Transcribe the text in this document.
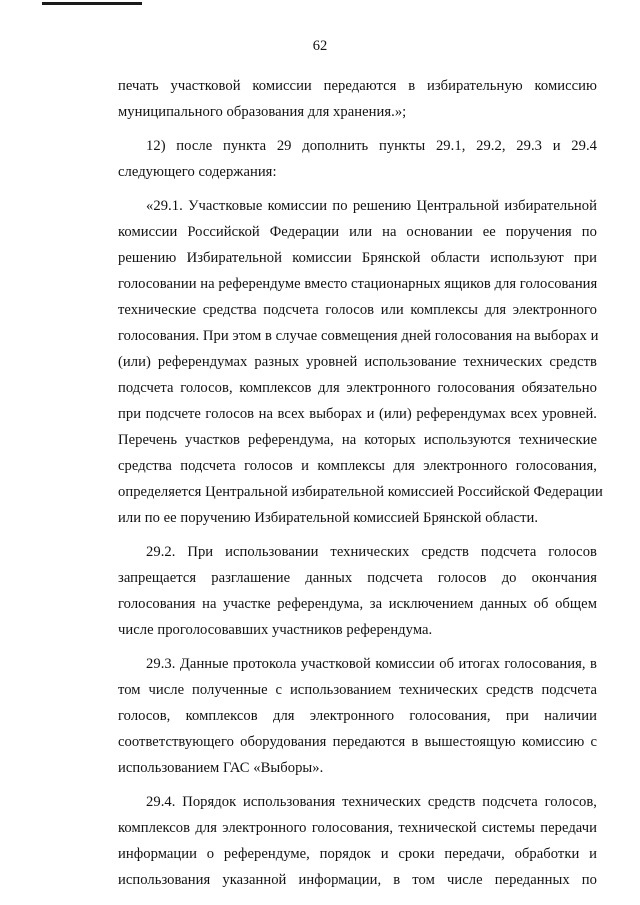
62
печать участковой комиссии передаются в избирательную комиссию
муниципального образования для хранения.»;
12) после пункта 29 дополнить пункты 29.1, 29.2, 29.3 и 29.4
следующего содержания:
«29.1. Участковые комиссии по решению Центральной избирательной
комиссии Российской Федерации или на основании ее поручения по
решению Избирательной комиссии Брянской области используют при
голосовании на референдуме вместо стационарных ящиков для голосования
технические средства подсчета голосов или комплексы для электронного
голосования. При этом в случае совмещения дней голосования на выборах и
(или) референдумах разных уровней использование технических средств
подсчета голосов, комплексов для электронного голосования обязательно
при подсчете голосов на всех выборах и (или) референдумах всех уровней.
Перечень участков референдума, на которых используются технические
средства подсчета голосов и комплексы для электронного голосования,
определяется Центральной избирательной комиссией Российской Федерации
или по ее поручению Избирательной комиссией Брянской области.
29.2. При использовании технических средств подсчета голосов
запрещается разглашение данных подсчета голосов до окончания
голосования на участке референдума, за исключением данных об общем
числе проголосовавших участников референдума.
29.3. Данные протокола участковой комиссии об итогах голосования, в
том числе полученные с использованием технических средств подсчета
голосов, комплексов для электронного голосования, при наличии
соответствующего оборудования передаются в вышестоящую комиссию с
использованием ГАС «Выборы».
29.4. Порядок использования технических средств подсчета голосов,
комплексов для электронного голосования, технической системы передачи
информации о референдуме, порядок и сроки передачи, обработки и
использования указанной информации, в том числе переданных по
